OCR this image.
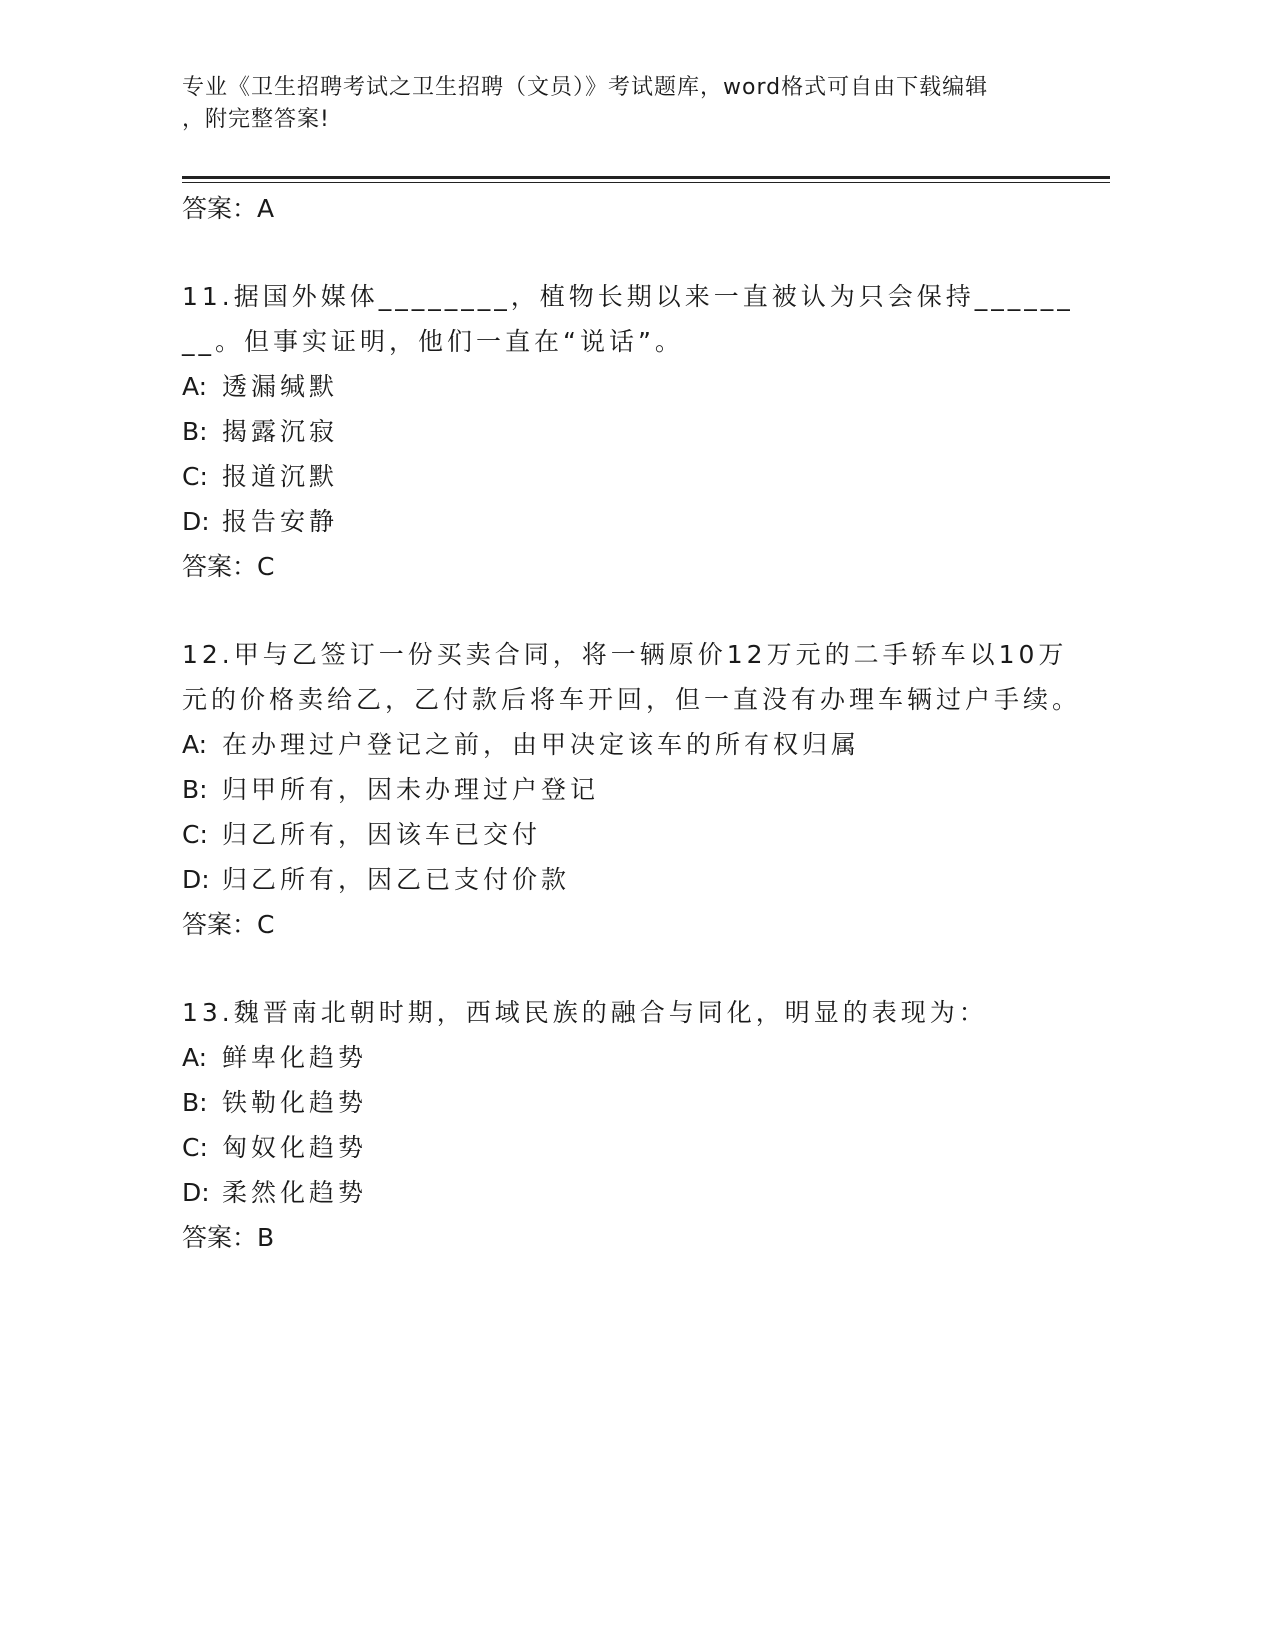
专业《卫生招聘考试之卫生招聘（文员）》考试题库，word格式可自由下载编辑
，附完整答案!
答案：A
11.据国外媒体________，植物长期以来一直被认为只会保持________。但事实证明，他们一直在“说话”。
A: 透漏缄默
B: 揭露沉寂
C: 报道沉默
D: 报告安静
答案：C
12.甲与乙签订一份买卖合同，将一辆原价12万元的二手轿车以10万元的价格卖给乙，乙付款后将车开回，但一直没有办理车辆过户手续。
A: 在办理过户登记之前，由甲决定该车的所有权归属
B: 归甲所有，因未办理过户登记
C: 归乙所有，因该车已交付
D: 归乙所有，因乙已支付价款
答案：C
13.魏晋南北朝时期，西域民族的融合与同化，明显的表现为：
A: 鲜卑化趋势
B: 铁勒化趋势
C: 匈奴化趋势
D: 柔然化趋势
答案：B
